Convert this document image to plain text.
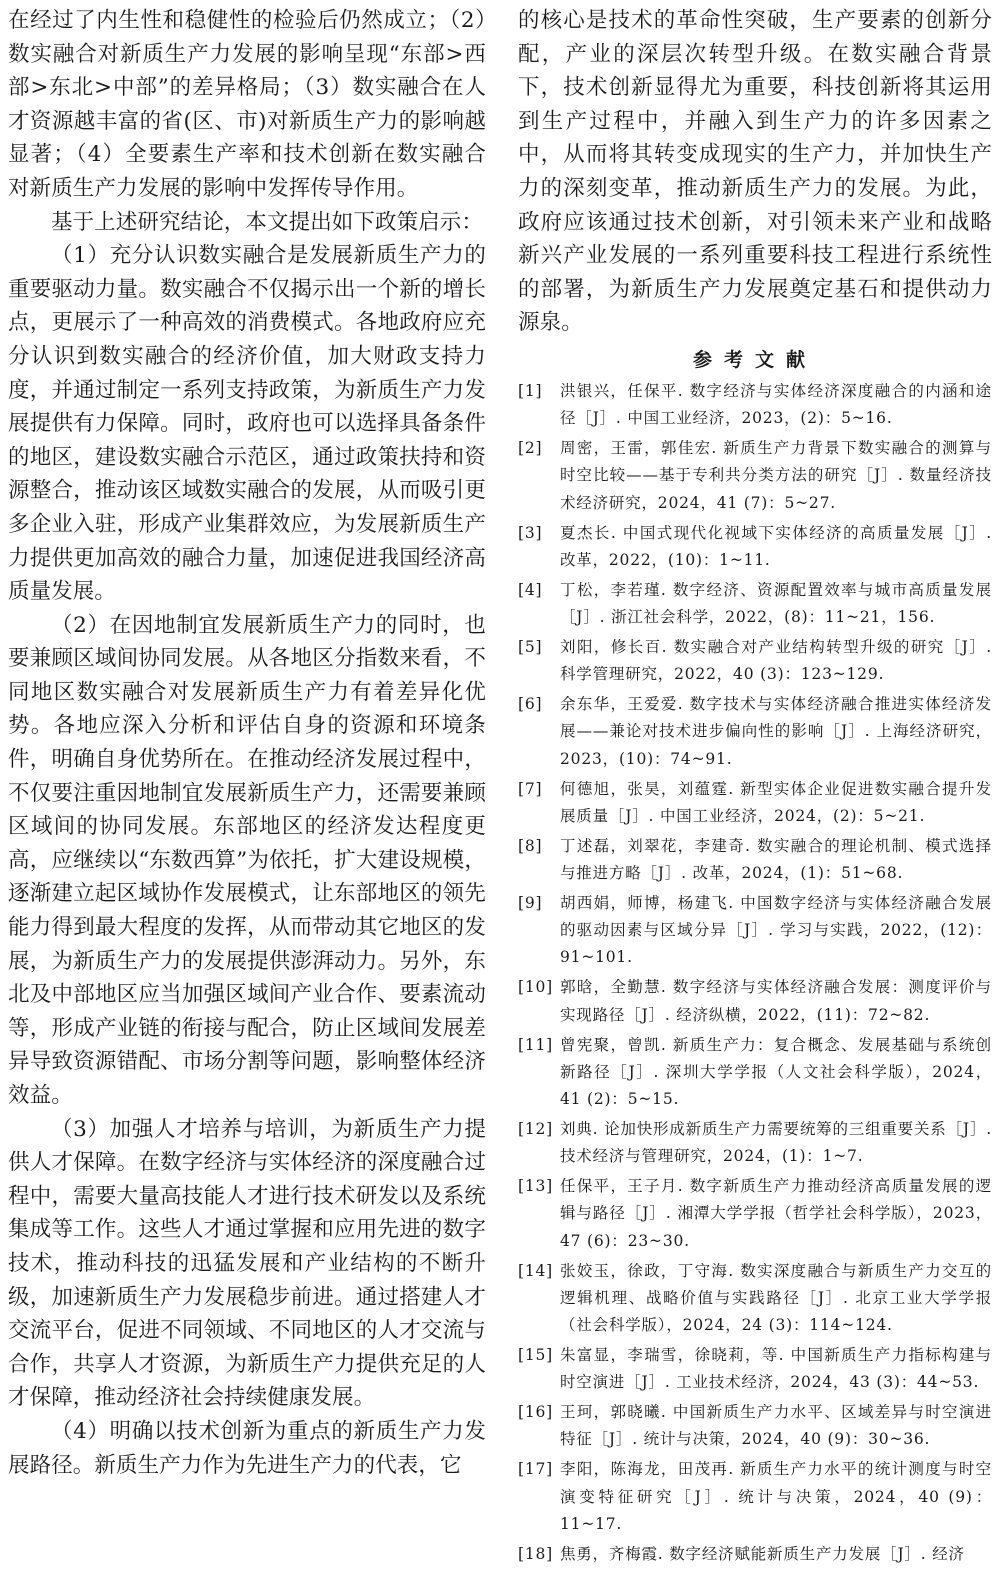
在经过了内生性和稳健性的检验后仍然成立；（2）数实融合对新质生产力发展的影响呈现“东部>西部>东北>中部”的差异格局；（3）数实融合在人才资源越丰富的省(区、市)对新质生产力的影响越显著；（4）全要素生产率和技术创新在数实融合对新质生产力发展的影响中发挥传导作用。

基于上述研究结论，本文提出如下政策启示：

（1）充分认识数实融合是发展新质生产力的重要驱动力量。数实融合不仅揭示出一个新的增长点，更展示了一种高效的消费模式。各地政府应充分认识到数实融合的经济价值，加大财政支持力度，并通过制定一系列支持政策，为新质生产力发展提供有力保障。同时，政府也可以选择具备条件的地区，建设数实融合示范区，通过政策扶持和资源整合，推动该区域数实融合的发展，从而吸引更多企业入驻，形成产业集群效应，为发展新质生产力提供更加高效的融合力量，加速促进我国经济高质量发展。

（2）在因地制宜发展新质生产力的同时，也要兼顾区域间协同发展。从各地区分指数来看，不同地区数实融合对发展新质生产力有着差异化优势。各地应深入分析和评估自身的资源和环境条件，明确自身优势所在。在推动经济发展过程中，不仅要注重因地制宜发展新质生产力，还需要兼顾区域间的协同发展。东部地区的经济发达程度更高，应继续以“东数西算”为依托，扩大建设规模，逐渐建立起区域协作发展模式，让东部地区的领先能力得到最大程度的发挥，从而带动其它地区的发展，为新质生产力的发展提供澎湃动力。另外，东北及中部地区应当加强区域间产业合作、要素流动等，形成产业链的衔接与配合，防止区域间发展差异导致资源错配、市场分割等问题，影响整体经济效益。

（3）加强人才培养与培训，为新质生产力提供人才保障。在数字经济与实体经济的深度融合过程中，需要大量高技能人才进行技术研发以及系统集成等工作。这些人才通过掌握和应用先进的数字技术，推动科技的迅猛发展和产业结构的不断升级，加速新质生产力发展稳步前进。通过搭建人才交流平台，促进不同领域、不同地区的人才交流与合作，共享人才资源，为新质生产力提供充足的人才保障，推动经济社会持续健康发展。

（4）明确以技术创新为重点的新质生产力发展路径。新质生产力作为先进生产力的代表，它

的核心是技术的革命性突破，生产要素的创新分配，产业的深层次转型升级。在数实融合背景下，技术创新显得尤为重要，科技创新将其运用到生产过程中，并融入到生产力的许多因素之中，从而将其转变成现实的生产力，并加快生产力的深刻变革，推动新质生产力的发展。为此，政府应该通过技术创新，对引领未来产业和战略新兴产业发展的一系列重要科技工程进行系统性的部署，为新质生产力发展奠定基石和提供动力源泉。

参考文献
[1] 洪银兴，任保平. 数字经济与实体经济深度融合的内涵和途径［J］. 中国工业经济，2023，(2)：5~16.
[2] 周密，王雷，郭佳宏. 新质生产力背景下数实融合的测算与时空比较——基于专利共分类方法的研究［J］. 数量经济技术经济研究，2024，41 (7)：5~27.
[3] 夏杰长. 中国式现代化视域下实体经济的高质量发展［J］. 改革，2022，(10)：1~11.
[4] 丁松，李若瑾. 数字经济、资源配置效率与城市高质量发展［J］. 浙江社会科学，2022，(8)：11~21，156.
[5] 刘阳，修长百. 数实融合对产业结构转型升级的研究［J］. 科学管理研究，2022，40 (3)：123~129.
[6] 余东华，王爱爱. 数字技术与实体经济融合推进实体经济发展——兼论对技术进步偏向性的影响［J］. 上海经济研究，2023，(10)：74~91.
[7] 何德旭，张昊，刘蕴霆. 新型实体企业促进数实融合提升发展质量［J］. 中国工业经济，2024，(2)：5~21.
[8] 丁述磊，刘翠花，李建奇. 数实融合的理论机制、模式选择与推进方略［J］. 改革，2024，(1)：51~68.
[9] 胡西娟，师博，杨建飞. 中国数字经济与实体经济融合发展的驱动因素与区域分异［J］. 学习与实践，2022，(12)：91~101.
[10] 郭晗，全勤慧. 数字经济与实体经济融合发展：测度评价与实现路径［J］. 经济纵横，2022，(11)：72~82.
[11] 曾宪聚，曾凯. 新质生产力：复合概念、发展基础与系统创新路径［J］. 深圳大学学报（人文社会科学版），2024，41 (2)：5~15.
[12] 刘典. 论加快形成新质生产力需要统筹的三组重要关系［J］. 技术经济与管理研究，2024，(1)：1~7.
[13] 任保平，王子月. 数字新质生产力推动经济高质量发展的逻辑与路径［J］. 湘潭大学学报（哲学社会科学版），2023，47 (6)：23~30.
[14] 张姣玉，徐政，丁守海. 数实深度融合与新质生产力交互的逻辑机理、战略价值与实践路径［J］. 北京工业大学学报（社会科学版），2024，24 (3)：114~124.
[15] 朱富显，李瑞雪，徐晓莉，等. 中国新质生产力指标构建与时空演进［J］. 工业技术经济，2024，43 (3)：44~53.
[16] 王珂，郭晓曦. 中国新质生产力水平、区域差异与时空演进特征［J］. 统计与决策，2024，40 (9)：30~36.
[17] 李阳，陈海龙，田茂再. 新质生产力水平的统计测度与时空演变特征研究［J］. 统计与决策，2024，40 (9)：11~17.
[18] 焦勇，齐梅霞. 数字经济赋能新质生产力发展［J］. 经济
